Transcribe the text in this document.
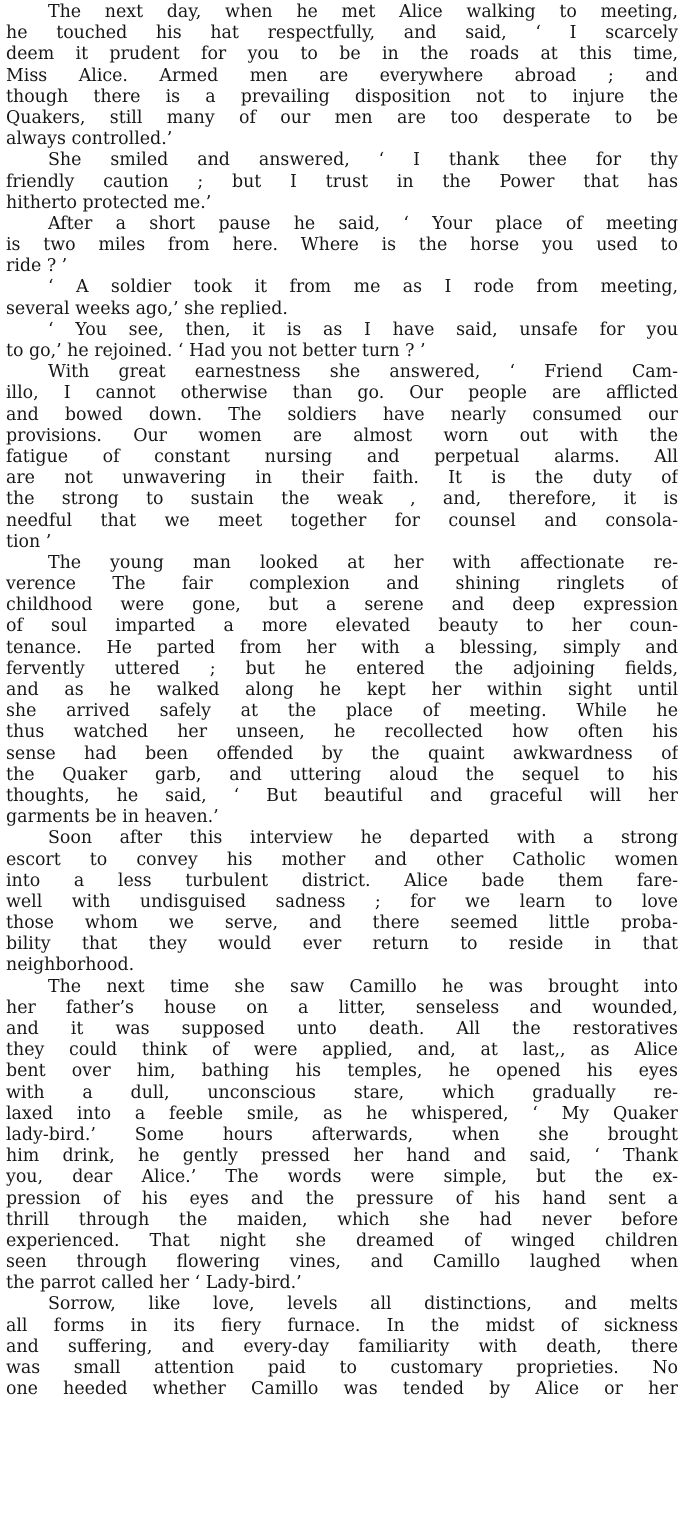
The next day, when he met Alice walking to meeting,
he touched his hat respectfully, and said, ‘ I scarcely
deem it prudent for you to be in the roads at this time,
Miss Alice. Armed men are everywhere abroad ; and
though there is a prevailing disposition not to injure the
Quakers, still many of our men are too desperate to be
always controlled.’
She smiled and answered, ‘ I thank thee for thy
friendly caution ; but I trust in the Power that has
hitherto protected me.’
After a short pause he said, ‘ Your place of meeting
is two miles from here. Where is the horse you used to
ride ? ’
‘ A soldier took it from me as I rode from meeting,
several weeks ago,’ she replied.
‘ You see, then, it is as I have said, unsafe for you
to go,’ he rejoined. ‘ Had you not better turn ? ’
With great earnestness she answered, ‘ Friend Cam-
illo, I cannot otherwise than go. Our people are afflicted
and bowed down. The soldiers have nearly consumed our
provisions. Our women are almost worn out with the
fatigue of constant nursing and perpetual alarms. All
are not unwavering in their faith. It is the duty of
the strong to sustain the weak , and, therefore, it is
needful that we meet together for counsel and consola-
tion ’
The young man looked at her with affectionate re-
verence The fair complexion and shining ringlets of
childhood were gone, but a serene and deep expression
of soul imparted a more elevated beauty to her coun-
tenance. He parted from her with a blessing, simply and
fervently uttered ; but he entered the adjoining fields,
and as he walked along he kept her within sight until
she arrived safely at the place of meeting. While he
thus watched her unseen, he recollected how often his
sense had been offended by the quaint awkwardness of
the Quaker garb, and uttering aloud the sequel to his
thoughts, he said, ‘ But beautiful and graceful will her
garments be in heaven.’
Soon after this interview he departed with a strong
escort to convey his mother and other Catholic women
into a less turbulent district. Alice bade them fare-
well with undisguised sadness ; for we learn to love
those whom we serve, and there seemed little proba-
bility that they would ever return to reside in that
neighborhood.
The next time she saw Camillo he was brought into
her father’s house on a litter, senseless and wounded,
and it was supposed unto death. All the restoratives
they could think of were applied, and, at last,, as Alice
bent over him, bathing his temples, he opened his eyes
with a dull, unconscious stare, which gradually re-
laxed into a feeble smile, as he whispered, ‘ My Quaker
lady-bird.’ Some hours afterwards, when she brought
him drink, he gently pressed her hand and said, ‘ Thank
you, dear Alice.’ The words were simple, but the ex-
pression of his eyes and the pressure of his hand sent a
thrill through the maiden, which she had never before
experienced. That night she dreamed of winged children
seen through flowering vines, and Camillo laughed when
the parrot called her ‘ Lady-bird.’
Sorrow, like love, levels all distinctions, and melts
all forms in its fiery furnace. In the midst of sickness
and suffering, and every-day familiarity with death, there
was small attention paid to customary proprieties. No
one heeded whether Camillo was tended by Alice or her
